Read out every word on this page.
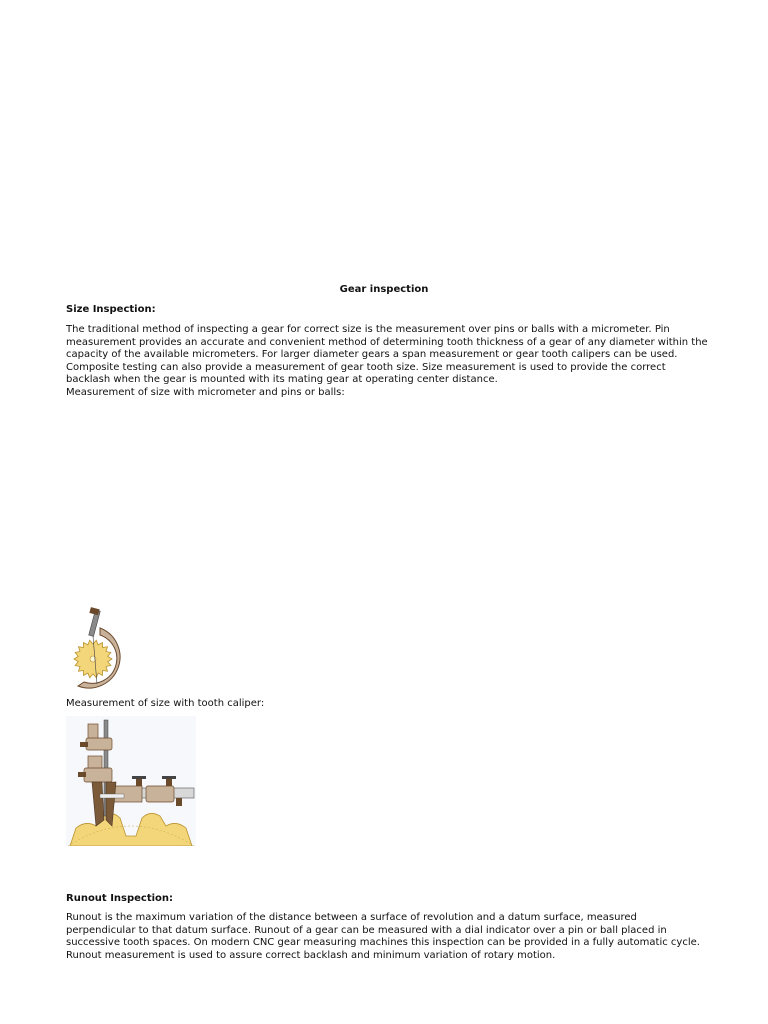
Gear inspection
Size Inspection:

The traditional method of inspecting a gear for correct size is the measurement over pins or balls with a micrometer. Pin measurement provides an accurate and convenient method of determining tooth thickness of a gear of any diameter within the capacity of the available micrometers. For larger diameter gears a span measurement or gear tooth calipers can be used. Composite testing can also provide a measurement of gear tooth size. Size measurement is used to provide the correct backlash when the gear is mounted with its mating gear at operating center distance.

Measurement of size with micrometer and pins or balls:
Measurement of size with tooth caliper:
Runout Inspection:

Runout is the maximum variation of the distance between a surface of revolution and a datum surface, measured perpendicular to that datum surface. Runout of a gear can be measured with a dial indicator over a pin or ball placed in successive tooth spaces. On modern CNC gear measuring machines this inspection can be provided in a fully automatic cycle. Runout measurement is used to assure correct backlash and minimum variation of rotary motion.
